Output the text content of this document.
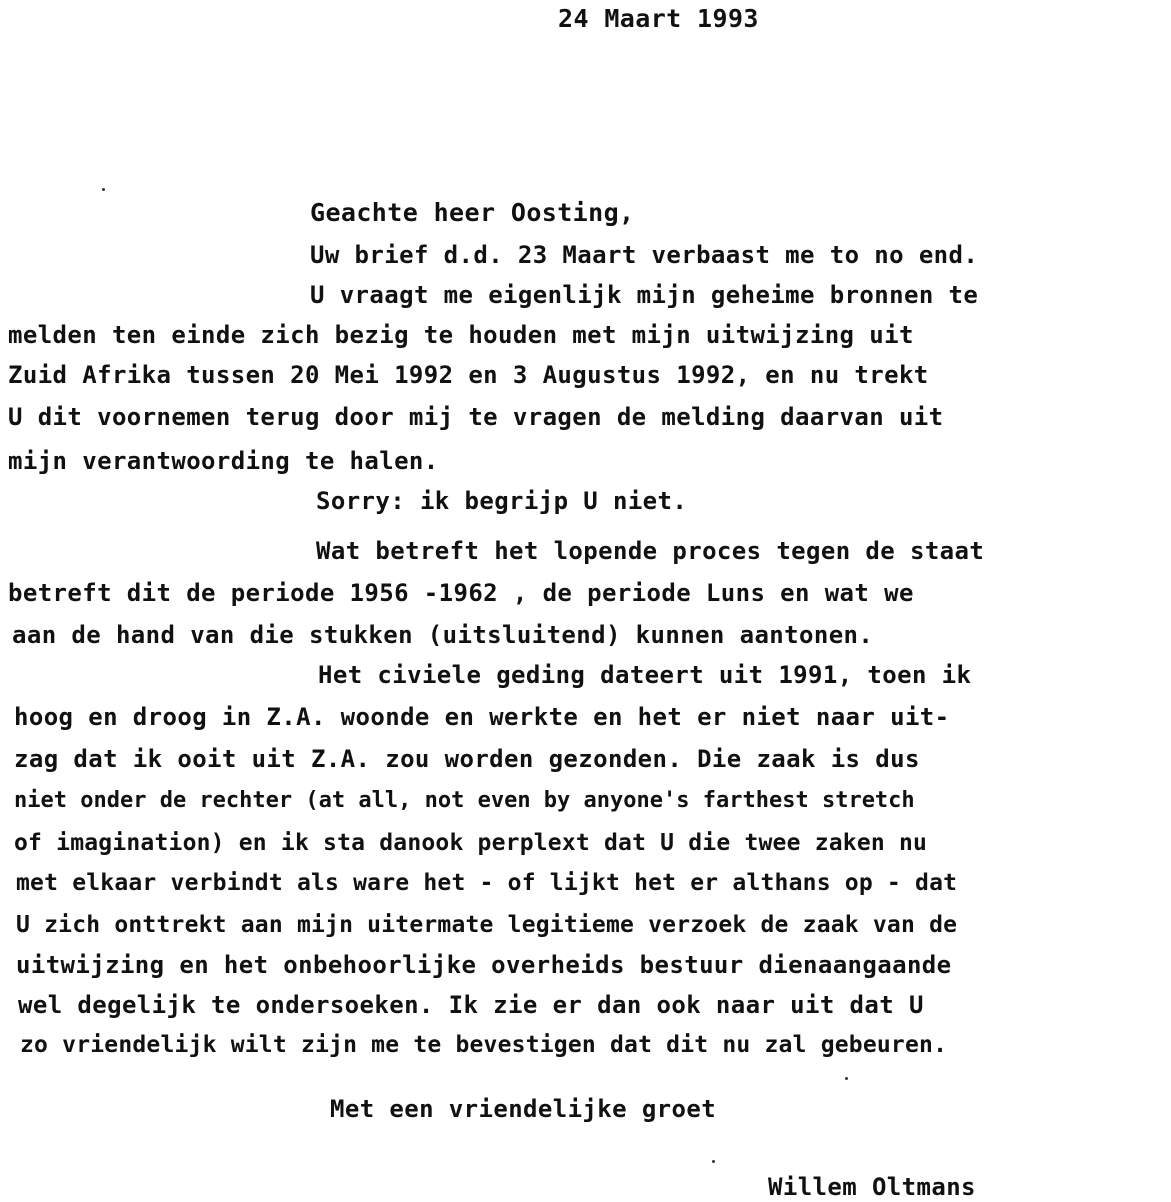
24 Maart 1993
Geachte heer Oosting,
Uw brief d.d. 23 Maart verbaast me to no end.
U vraagt me eigenlijk mijn geheime bronnen te
melden ten einde zich bezig te houden met mijn uitwijzing uit
Zuid Afrika tussen 20 Mei 1992 en 3 Augustus 1992, en nu trekt
U dit voornemen terug door mij te vragen de melding daarvan uit
mijn verantwoording te halen.
Sorry: ik begrijp U niet.
Wat betreft het lopende proces tegen de staat
betreft dit de periode 1956 -1962 , de periode Luns en wat we
aan de hand van die stukken (uitsluitend) kunnen aantonen.
Het civiele geding dateert uit 1991, toen ik
hoog en droog in Z.A. woonde en werkte en het er niet naar uit-
zag dat ik ooit uit Z.A. zou worden gezonden. Die zaak is dus
niet onder de rechter (at all, not even by anyone's farthest stretch
of imagination) en ik sta danook perplext dat U die twee zaken nu
met elkaar verbindt als ware het - of lijkt het er althans op - dat
U zich onttrekt aan mijn uitermate legitieme verzoek de zaak van de
uitwijzing en het onbehoorlijke overheids bestuur dienaangaande
wel degelijk te ondersoeken. Ik zie er dan ook naar uit dat U
zo vriendelijk wilt zijn me te bevestigen dat dit nu zal gebeuren.
Met een vriendelijke groet
Willem Oltmans
